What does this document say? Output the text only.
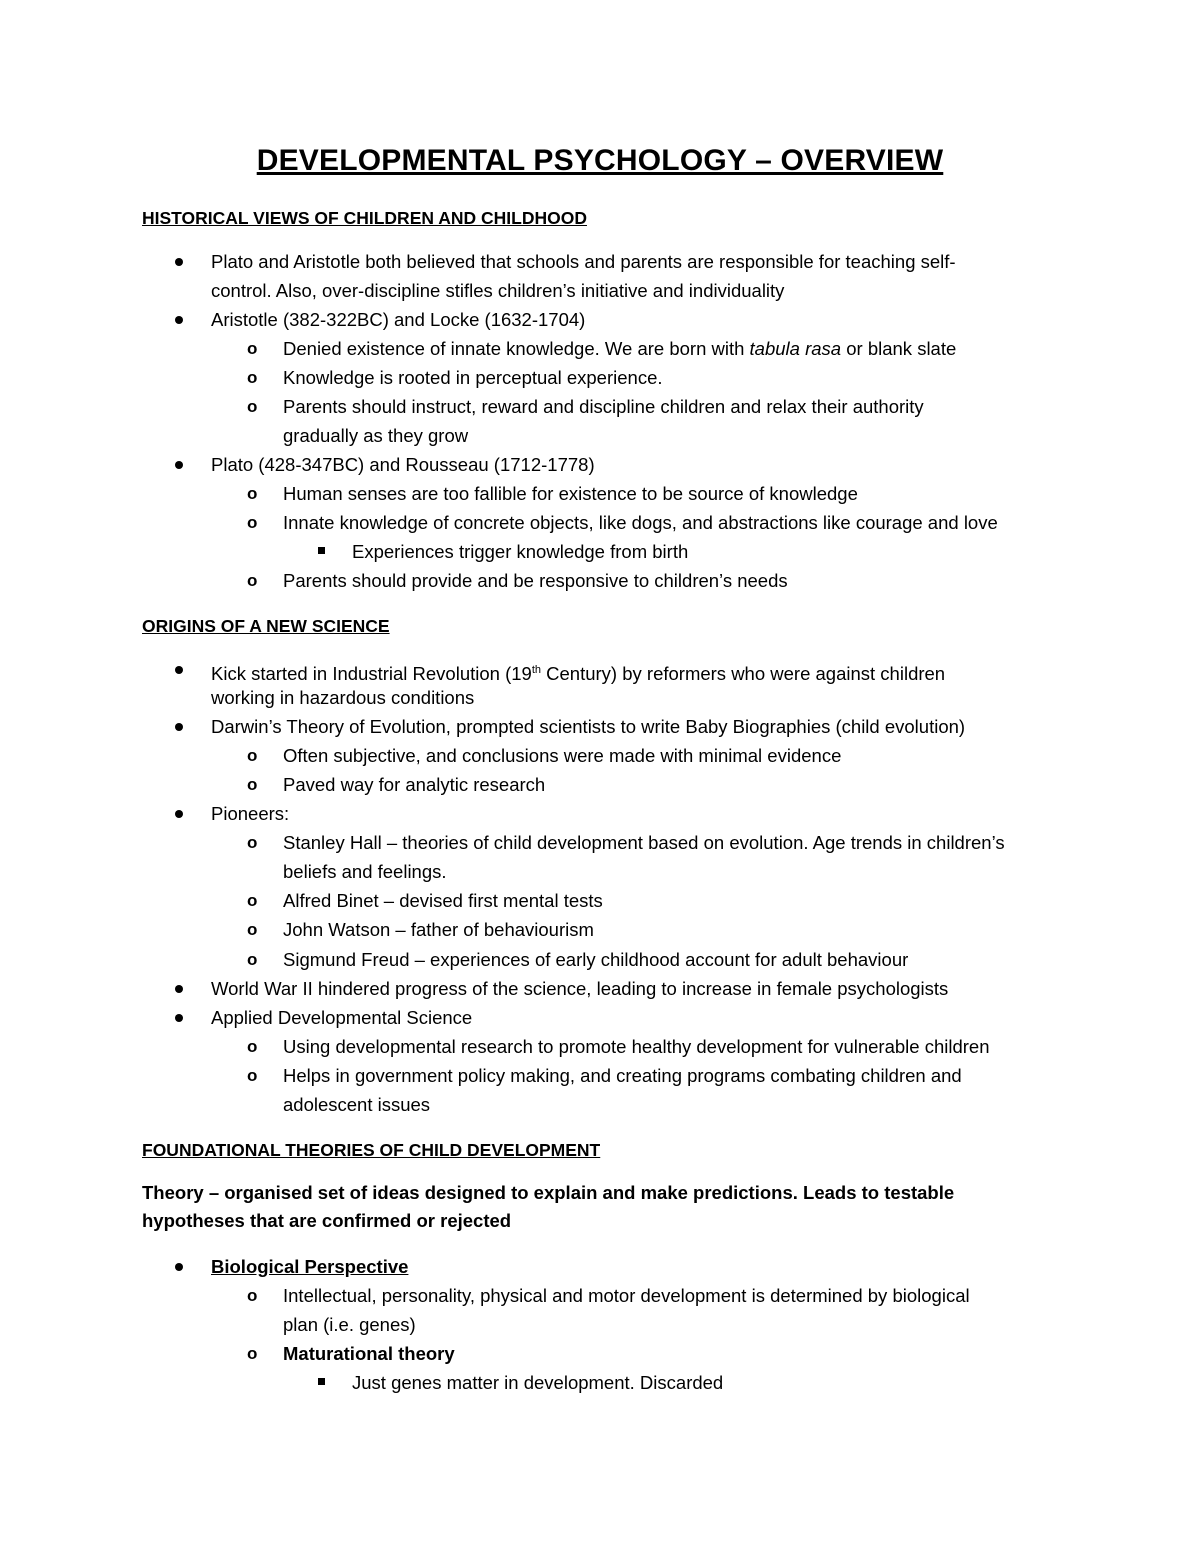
DEVELOPMENTAL PSYCHOLOGY – OVERVIEW
HISTORICAL VIEWS OF CHILDREN AND CHILDHOOD
Plato and Aristotle both believed that schools and parents are responsible for teaching self-
control. Also, over-discipline stifles children’s initiative and individuality
Aristotle (382-322BC) and Locke (1632-1704)
o Denied existence of innate knowledge. We are born with tabula rasa or blank slate
o Knowledge is rooted in perceptual experience.
o Parents should instruct, reward and discipline children and relax their authority
gradually as they grow
Plato (428-347BC) and Rousseau (1712-1778)
o Human senses are too fallible for existence to be source of knowledge
o Innate knowledge of concrete objects, like dogs, and abstractions like courage and love
Experiences trigger knowledge from birth
o Parents should provide and be responsive to children’s needs
ORIGINS OF A NEW SCIENCE
Kick started in Industrial Revolution (19th Century) by reformers who were against children
working in hazardous conditions
Darwin’s Theory of Evolution, prompted scientists to write Baby Biographies (child evolution)
o Often subjective, and conclusions were made with minimal evidence
o Paved way for analytic research
Pioneers:
o Stanley Hall – theories of child development based on evolution. Age trends in children’s
beliefs and feelings.
o Alfred Binet – devised first mental tests
o John Watson – father of behaviourism
o Sigmund Freud – experiences of early childhood account for adult behaviour
World War II hindered progress of the science, leading to increase in female psychologists
Applied Developmental Science
o Using developmental research to promote healthy development for vulnerable children
o Helps in government policy making, and creating programs combating children and
adolescent issues
FOUNDATIONAL THEORIES OF CHILD DEVELOPMENT
Theory – organised set of ideas designed to explain and make predictions. Leads to testable
hypotheses that are confirmed or rejected
Biological Perspective
o Intellectual, personality, physical and motor development is determined by biological
plan (i.e. genes)
o Maturational theory
Just genes matter in development. Discarded
